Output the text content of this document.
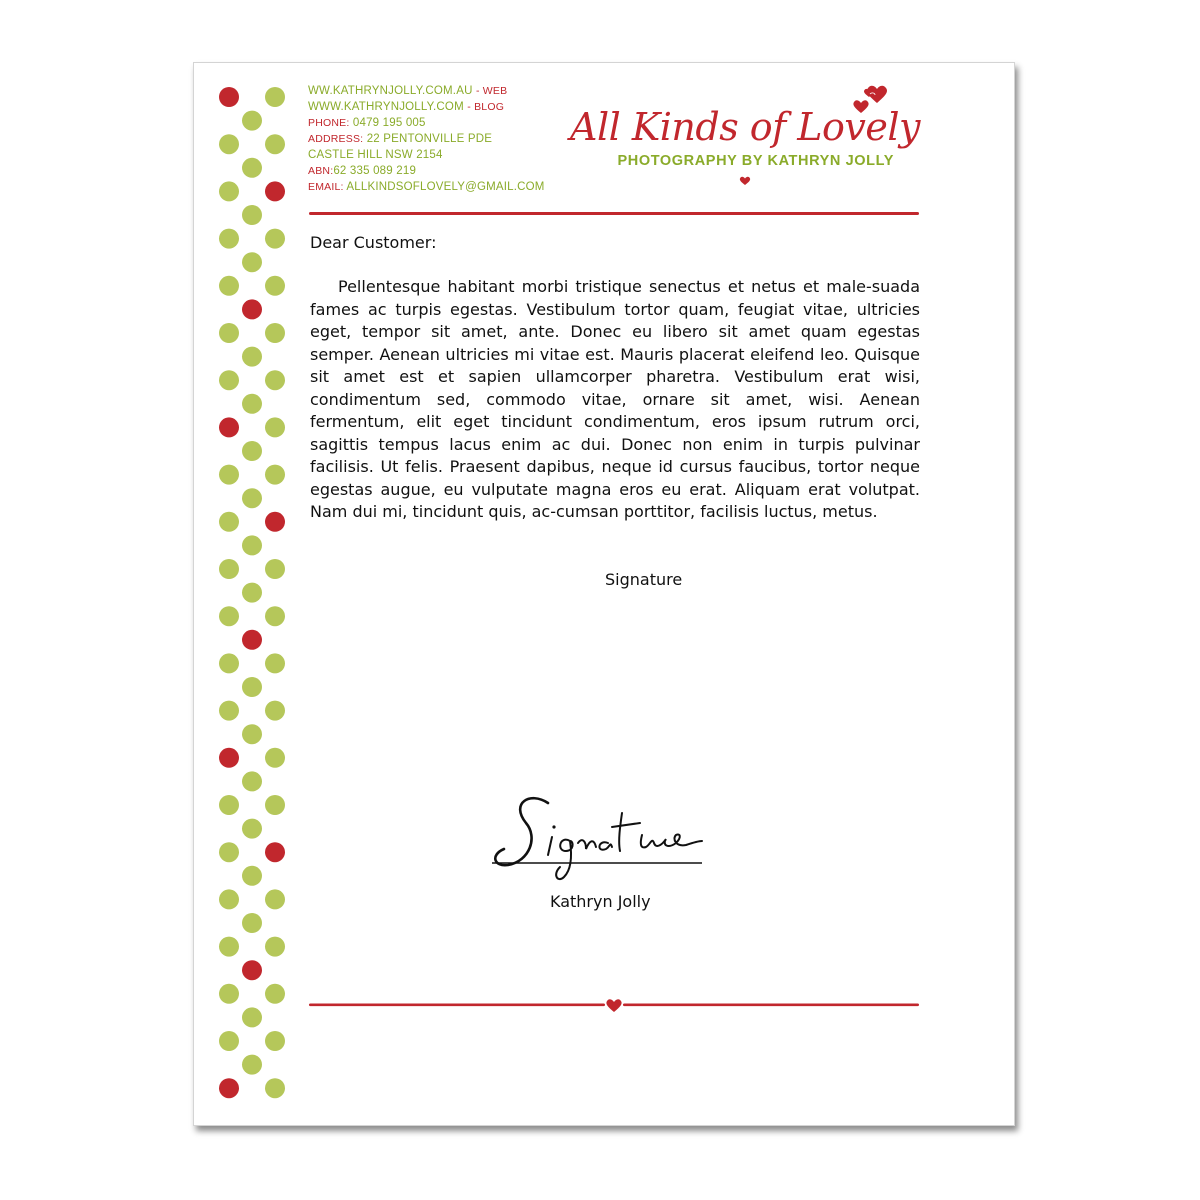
WW.KATHRYNJOLLY.COM.AU - WEB
WWW.KATHRYNJOLLY.COM - BLOG
PHONE: 0479 195 005
ADDRESS: 22 PENTONVILLE PDE
CASTLE HILL NSW 2154
ABN:62 335 089 219
EMAIL: ALLKINDSOFLOVELY@GMAIL.COM
All Kinds of Lovely
PHOTOGRAPHY BY KATHRYN JOLLY
Dear Customer:
Pellentesque habitant morbi tristique senectus et netus et male-suada fames ac turpis egestas. Vestibulum tortor quam, feugiat vitae, ultricies eget, tempor sit amet, ante. Donec eu libero sit amet quam egestas semper. Aenean ultricies mi vitae est. Mauris placerat eleifend leo. Quisque sit amet est et sapien ullamcorper pharetra. Vestibulum erat wisi, condimentum sed, commodo vitae, ornare sit amet, wisi. Aenean fermentum, elit eget tincidunt condimentum, eros ipsum rutrum orci, sagittis tempus lacus enim ac dui. Donec non enim in turpis pulvinar facilisis. Ut felis. Praesent dapibus, neque id cursus faucibus, tortor neque egestas augue, eu vulputate magna eros eu erat. Aliquam erat volutpat. Nam dui mi, tincidunt quis, ac-cumsan porttitor, facilisis luctus, metus.
Signature
Kathryn Jolly
